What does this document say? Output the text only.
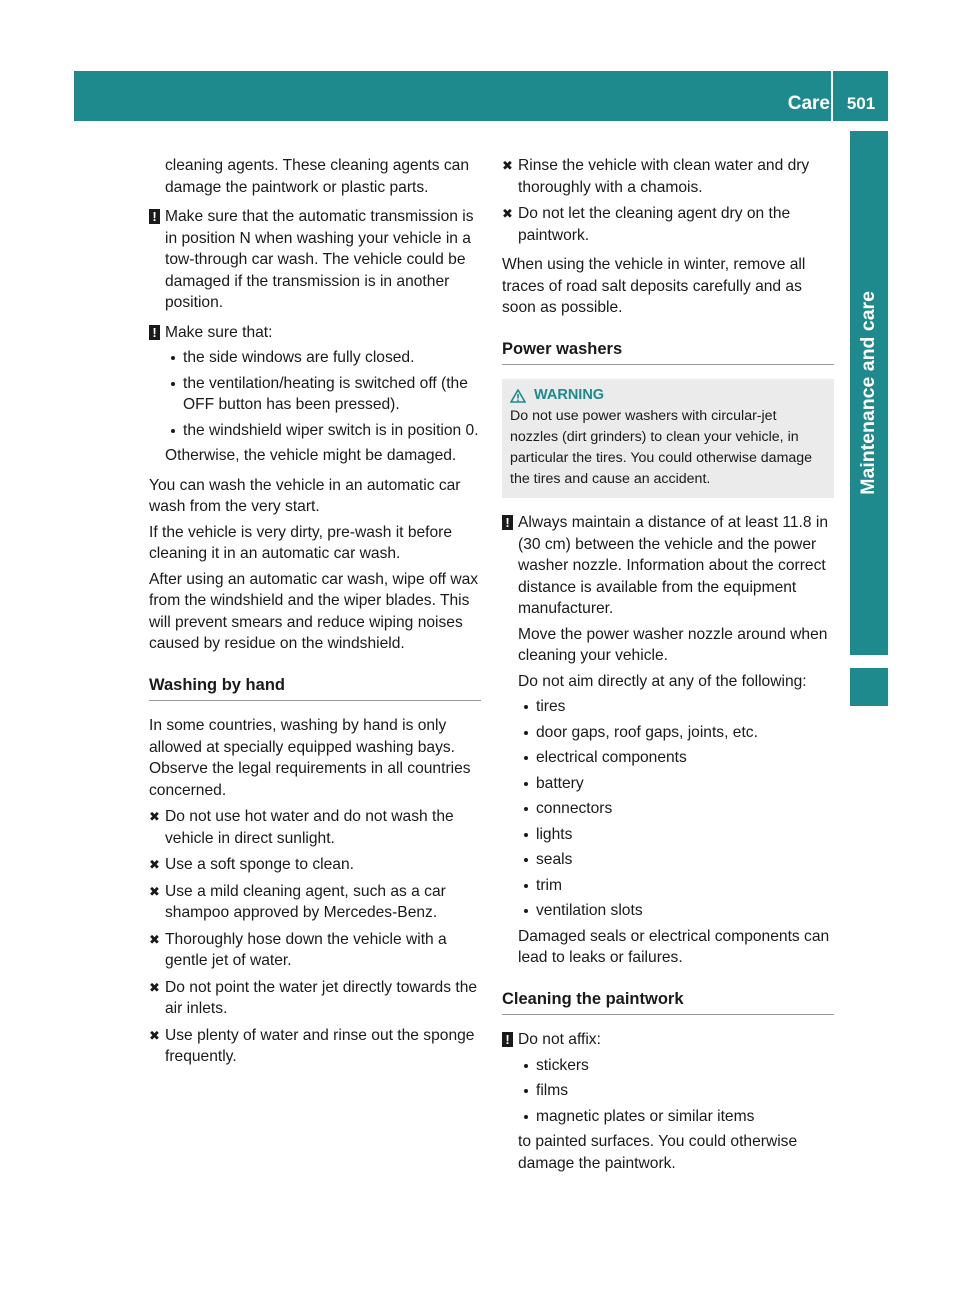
Care 501
Maintenance and care

cleaning agents. These cleaning agents can damage the paintwork or plastic parts.

! Make sure that the automatic transmission is in position N when washing your vehicle in a tow-through car wash. The vehicle could be damaged if the transmission is in another position.

! Make sure that:

the side windows are fully closed.
the ventilation/heating is switched off (the OFF button has been pressed).
the windshield wiper switch is in position 0.

Otherwise, the vehicle might be damaged.

You can wash the vehicle in an automatic car wash from the very start.

If the vehicle is very dirty, pre-wash it before cleaning it in an automatic car wash.

After using an automatic car wash, wipe off wax from the windshield and the wiper blades. This will prevent smears and reduce wiping noises caused by residue on the windshield.

Washing by hand

In some countries, washing by hand is only allowed at specially equipped washing bays. Observe the legal requirements in all countries concerned.

✖ Do not use hot water and do not wash the vehicle in direct sunlight.
✖ Use a soft sponge to clean.
✖ Use a mild cleaning agent, such as a car shampoo approved by Mercedes-Benz.
✖ Thoroughly hose down the vehicle with a gentle jet of water.
✖ Do not point the water jet directly towards the air inlets.
✖ Use plenty of water and rinse out the sponge frequently.
✖ Rinse the vehicle with clean water and dry thoroughly with a chamois.
✖ Do not let the cleaning agent dry on the paintwork.

When using the vehicle in winter, remove all traces of road salt deposits carefully and as soon as possible.

Power washers
WARNING

Do not use power washers with circular-jet nozzles (dirt grinders) to clean your vehicle, in particular the tires. You could otherwise damage the tires and cause an accident.

! Always maintain a distance of at least 11.8 in (30 cm) between the vehicle and the power washer nozzle. Information about the correct distance is available from the equipment manufacturer.

Move the power washer nozzle around when cleaning your vehicle.

Do not aim directly at any of the following:

tires
door gaps, roof gaps, joints, etc.
electrical components
battery
connectors
lights
seals
trim
ventilation slots

Damaged seals or electrical components can lead to leaks or failures.

Cleaning the paintwork
! Do not affix:

stickers
films
magnetic plates or similar items

to painted surfaces. You could otherwise damage the paintwork.
